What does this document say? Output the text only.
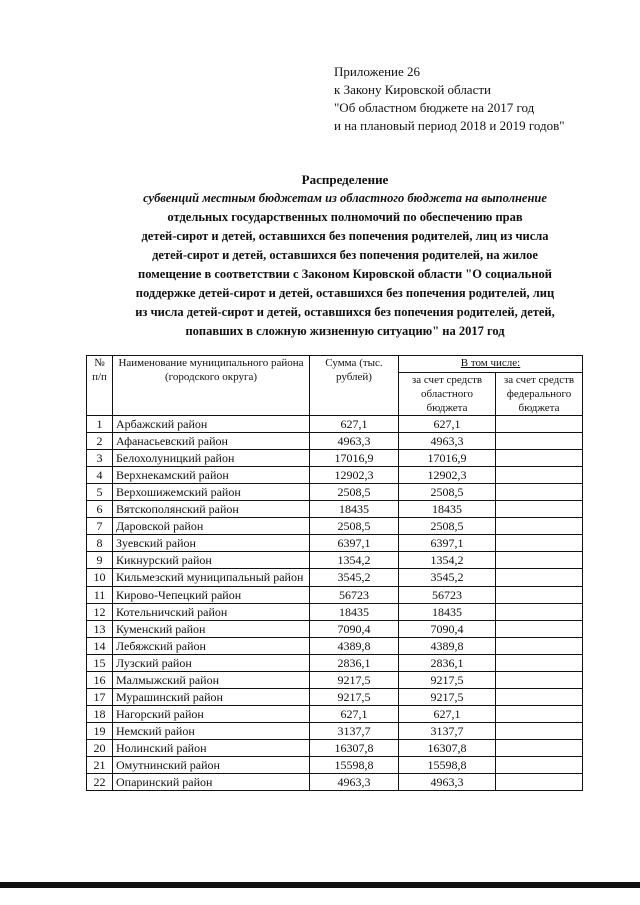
Приложение 26
к Закону Кировской области
"Об областном бюджете на 2017 год
и на плановый период 2018 и 2019 годов"
Распределение
субвенций местным бюджетам из областного бюджета на выполнение
отдельных государственных полномочий по обеспечению прав
детей-сирот и детей, оставшихся без попечения родителей, лиц из числа
детей-сирот и детей, оставшихся без попечения родителей, на жилое
помещение в соответствии с Законом Кировской области "О социальной
поддержке детей-сирот и детей, оставшихся без попечения родителей, лиц
из числа детей-сирот и детей, оставшихся без попечения родителей, детей,
попавших в сложную жизненную ситуацию" на 2017 год
№ п/п	Наименование муниципального района (городского округа)	Сумма (тыс. рублей)	В том числе:	
			за счет средств областного бюджета	за счет средств федерального бюджета
1	Арбажский район	627,1	627,1	
2	Афанасьевский район	4963,3	4963,3	
3	Белохолуницкий район	17016,9	17016,9	
4	Верхнекамский район	12902,3	12902,3	
5	Верхошижемский район	2508,5	2508,5	
6	Вятскополянский район	18435	18435	
7	Даровской район	2508,5	2508,5	
8	Зуевский район	6397,1	6397,1	
9	Кикнурский район	1354,2	1354,2	
10	Кильмезский муниципальный район	3545,2	3545,2	
11	Кирово-Чепецкий район	56723	56723	
12	Котельничский район	18435	18435	
13	Куменский район	7090,4	7090,4	
14	Лебяжский район	4389,8	4389,8	
15	Лузский район	2836,1	2836,1	
16	Малмыжский район	9217,5	9217,5	
17	Мурашинский район	9217,5	9217,5	
18	Нагорский район	627,1	627,1	
19	Немский район	3137,7	3137,7	
20	Нолинский район	16307,8	16307,8	
21	Омутнинский район	15598,8	15598,8	
22	Опаринский район	4963,3	4963,3	
